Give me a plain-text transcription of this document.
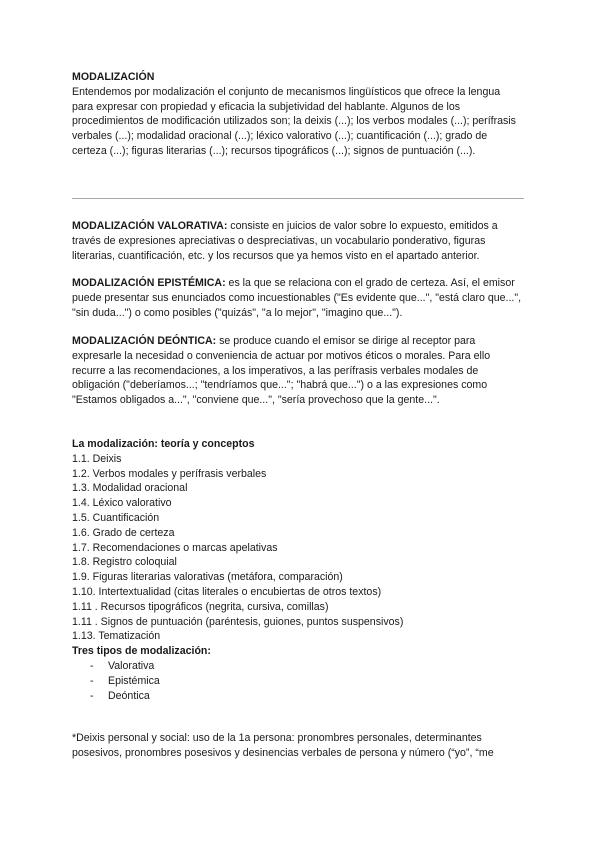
MODALIZACIÓN

Entendemos por modalización el conjunto de mecanismos lingüísticos que ofrece la lengua para expresar con propiedad y eficacia la subjetividad del hablante. Algunos de los procedimientos de modificación utilizados son; la deixis (...); los verbos modales (...); perífrasis verbales (...); modalidad oracional (...); léxico valorativo (...); cuantificación (...); grado de certeza (...); figuras literarias (...); recursos tipográficos (...); signos de puntuación (...).

MODALIZACIÓN VALORATIVA: consiste en juicios de valor sobre lo expuesto, emitidos a través de expresiones apreciativas o despreciativas, un vocabulario ponderativo, figuras literarias, cuantificación, etc. y los recursos que ya hemos visto en el apartado anterior.

MODALIZACIÓN EPISTÉMICA: es la que se relaciona con el grado de certeza. Así, el emisor puede presentar sus enunciados como incuestionables ("Es evidente que...", "está claro que...", "sin duda...") o como posibles ("quizás", "a lo mejor", "imagino que...").

MODALIZACIÓN DEÓNTICA: se produce cuando el emisor se dirige al receptor para expresarle la necesidad o conveniencia de actuar por motivos éticos o morales. Para ello recurre a las recomendaciones, a los imperativos, a las perífrasis verbales modales de obligación ("deberíamos...; "tendríamos que..."; "habrá que...") o a las expresiones como "Estamos obligados a...", "conviene que...", "sería provechoso que la gente...".

La modalización: teoría y conceptos

1.1. Deixis

1.2. Verbos modales y perífrasis verbales

1.3. Modalidad oracional

1.4. Léxico valorativo

1.5. Cuantificación

1.6. Grado de certeza

1.7. Recomendaciones o marcas apelativas

1.8. Registro coloquial

1.9. Figuras literarias valorativas (metáfora, comparación)

1.10. Intertextualidad (citas literales o encubiertas de otros textos)

1.11 . Recursos tipográficos (negrita, cursiva, comillas)

1.11 . Signos de puntuación (paréntesis, guiones, puntos suspensivos)

1.13. Tematización

Tres tipos de modalización:

-	Valorativa
-	Epistémica
-	Deóntica

*Deixis personal y social: uso de la 1a persona: pronombres personales, determinantes posesivos, pronombres posesivos y desinencias verbales de persona y número (“yo”, “me
